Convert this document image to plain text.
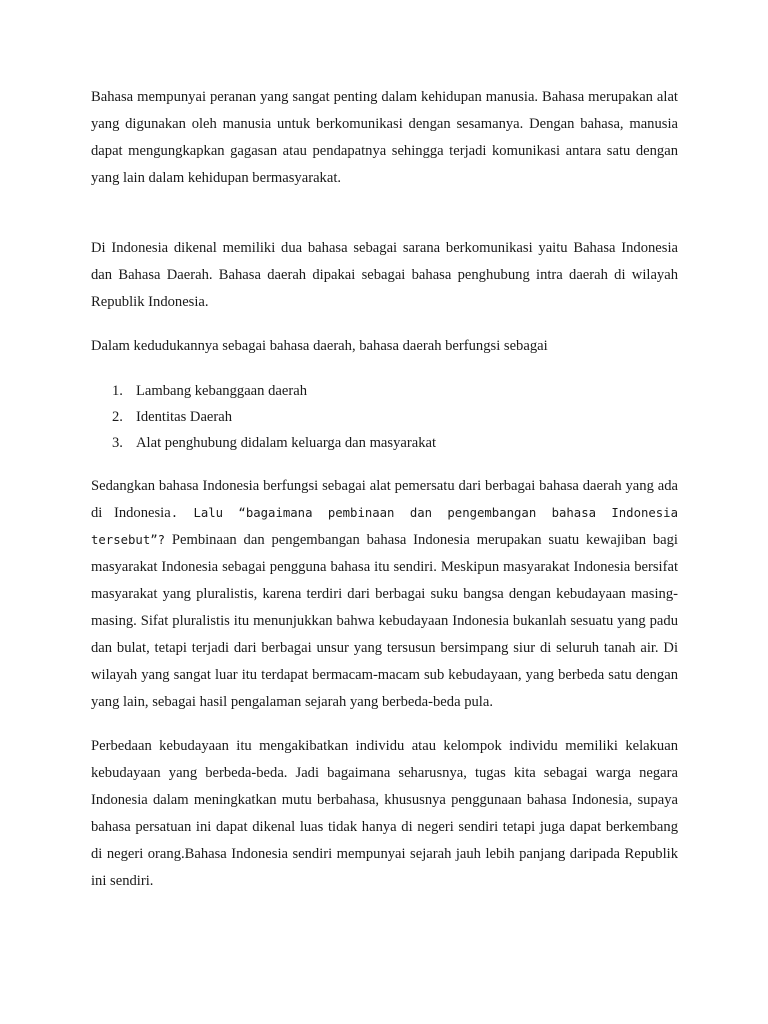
Bahasa mempunyai peranan yang sangat penting dalam kehidupan manusia. Bahasa merupakan alat yang digunakan oleh manusia untuk berkomunikasi dengan sesamanya. Dengan bahasa, manusia dapat mengungkapkan gagasan atau pendapatnya sehingga terjadi komunikasi antara satu dengan yang lain dalam kehidupan bermasyarakat.

Di Indonesia dikenal memiliki dua bahasa sebagai sarana berkomunikasi yaitu Bahasa Indonesia dan Bahasa Daerah. Bahasa daerah dipakai sebagai bahasa penghubung intra daerah di wilayah Republik Indonesia.

Dalam kedudukannya sebagai bahasa daerah, bahasa daerah berfungsi sebagai

1. Lambang kebanggaan daerah
2. Identitas Daerah
3. Alat penghubung didalam keluarga dan masyarakat

Sedangkan bahasa Indonesia berfungsi sebagai alat pemersatu dari berbagai bahasa daerah yang ada di Indonesia. Lalu “bagaimana pembinaan dan pengembangan bahasa Indonesia tersebut”? Pembinaan dan pengembangan bahasa Indonesia merupakan suatu kewajiban bagi masyarakat Indonesia sebagai pengguna bahasa itu sendiri. Meskipun masyarakat Indonesia bersifat masyarakat yang pluralistis, karena terdiri dari berbagai suku bangsa dengan kebudayaan masing-masing. Sifat pluralistis itu menunjukkan bahwa kebudayaan Indonesia bukanlah sesuatu yang padu dan bulat, tetapi terjadi dari berbagai unsur yang tersusun bersimpang siur di seluruh tanah air. Di wilayah yang sangat luar itu terdapat bermacam-macam sub kebudayaan, yang berbeda satu dengan yang lain, sebagai hasil pengalaman sejarah yang berbeda-beda pula.

Perbedaan kebudayaan itu mengakibatkan individu atau kelompok individu memiliki kelakuan kebudayaan yang berbeda-beda. Jadi bagaimana seharusnya, tugas kita sebagai warga negara Indonesia dalam meningkatkan mutu berbahasa, khususnya penggunaan bahasa Indonesia, supaya bahasa persatuan ini dapat dikenal luas tidak hanya di negeri sendiri tetapi juga dapat berkembang di negeri orang.Bahasa Indonesia sendiri mempunyai sejarah jauh lebih panjang daripada Republik ini sendiri.
